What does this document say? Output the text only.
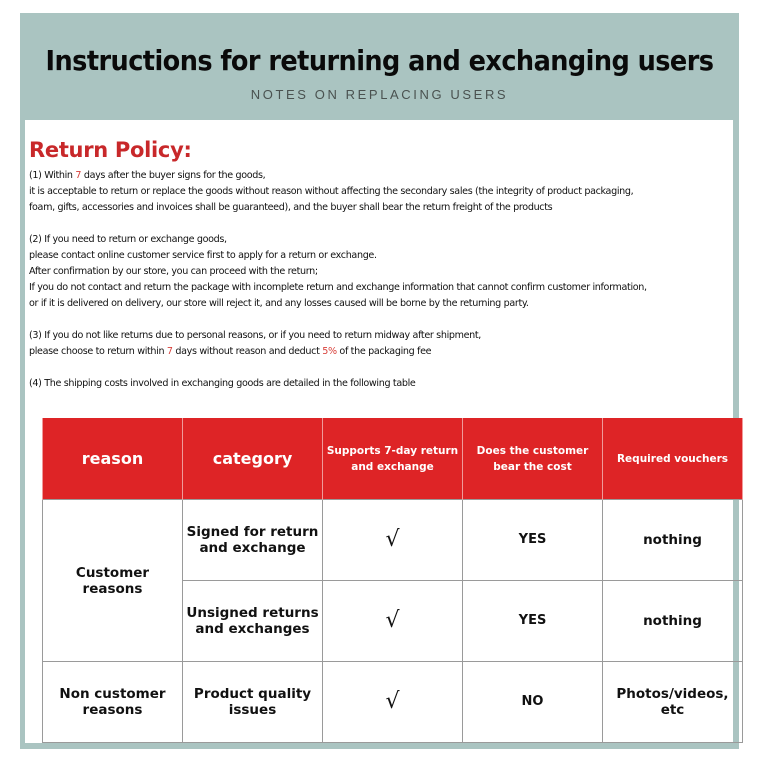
Instructions for returning and exchanging users
NOTES ON REPLACING USERS
Return Policy:
(1) Within 7 days after the buyer signs for the goods,
it is acceptable to return or replace the goods without reason without affecting the secondary sales (the integrity of product packaging,
foam, gifts, accessories and invoices shall be guaranteed), and the buyer shall bear the return freight of the products
(2) If you need to return or exchange goods,
please contact online customer service first to apply for a return or exchange.
After confirmation by our store, you can proceed with the return;
If you do not contact and return the package with incomplete return and exchange information that cannot confirm customer information,
or if it is delivered on delivery, our store will reject it, and any losses caused will be borne by the returning party.
(3) If you do not like returns due to personal reasons, or if you need to return midway after shipment,
please choose to return within 7 days without reason and deduct 5% of the packaging fee
(4) The shipping costs involved in exchanging goods are detailed in the following table
reason	category	Supports 7-day return and exchange	Does the customer bear the cost	Required vouchers
Customer reasons	Signed for return and exchange	√	YES	nothing
	Unsigned returns and exchanges	√	YES	nothing
Non customer reasons	Product quality issues	√	NO	Photos/videos, etc
